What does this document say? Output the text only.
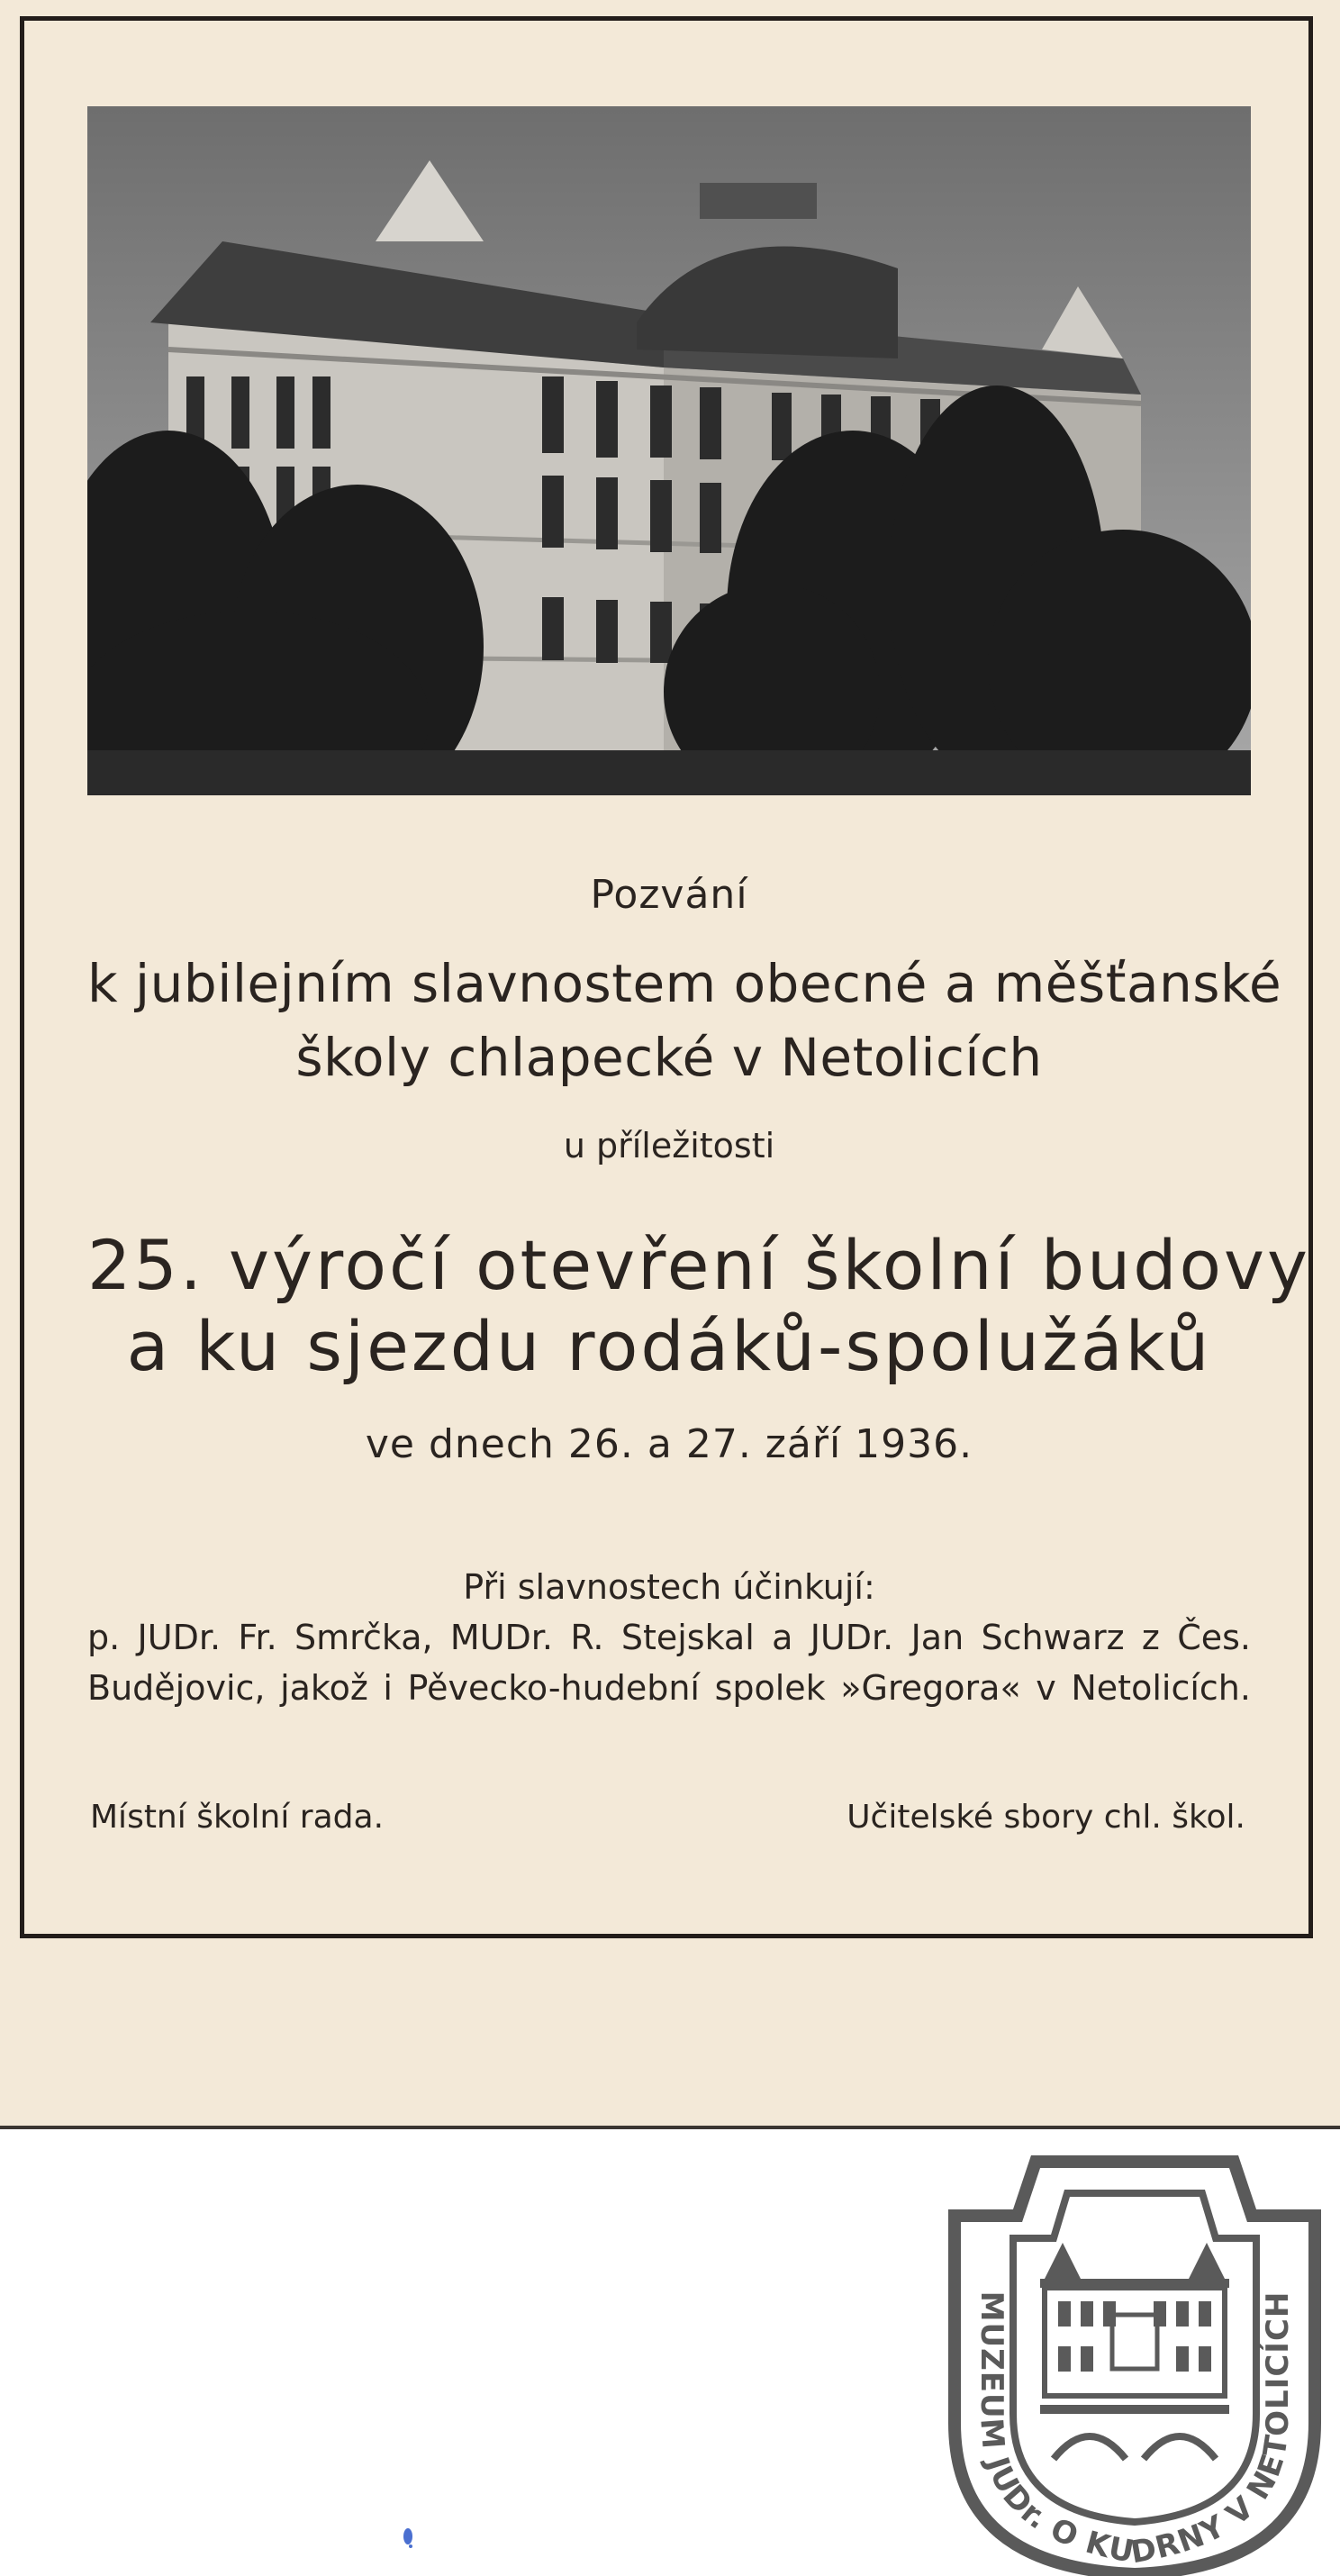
Pozvání
k jubilejním slavnostem obecné a měšťanské
školy chlapecké v Netolicích
u příležitosti
25. výročí otevření školní budovy
a ku sjezdu rodáků-spolužáků
ve dnech 26. a 27. září 1936.
Při slavnostech účinkují:
p. JUDr. Fr. Smrčka, MUDr. R. Stejskal a JUDr. Jan Schwarz z Čes.
Budějovic, jakož i Pěvecko-hudební spolek »Gregora« v Netolicích.
Místní školní rada.	Učitelské sbory chl. škol.
MUZEUM JUDr. O KUDRNY V NETOLICÍCH
